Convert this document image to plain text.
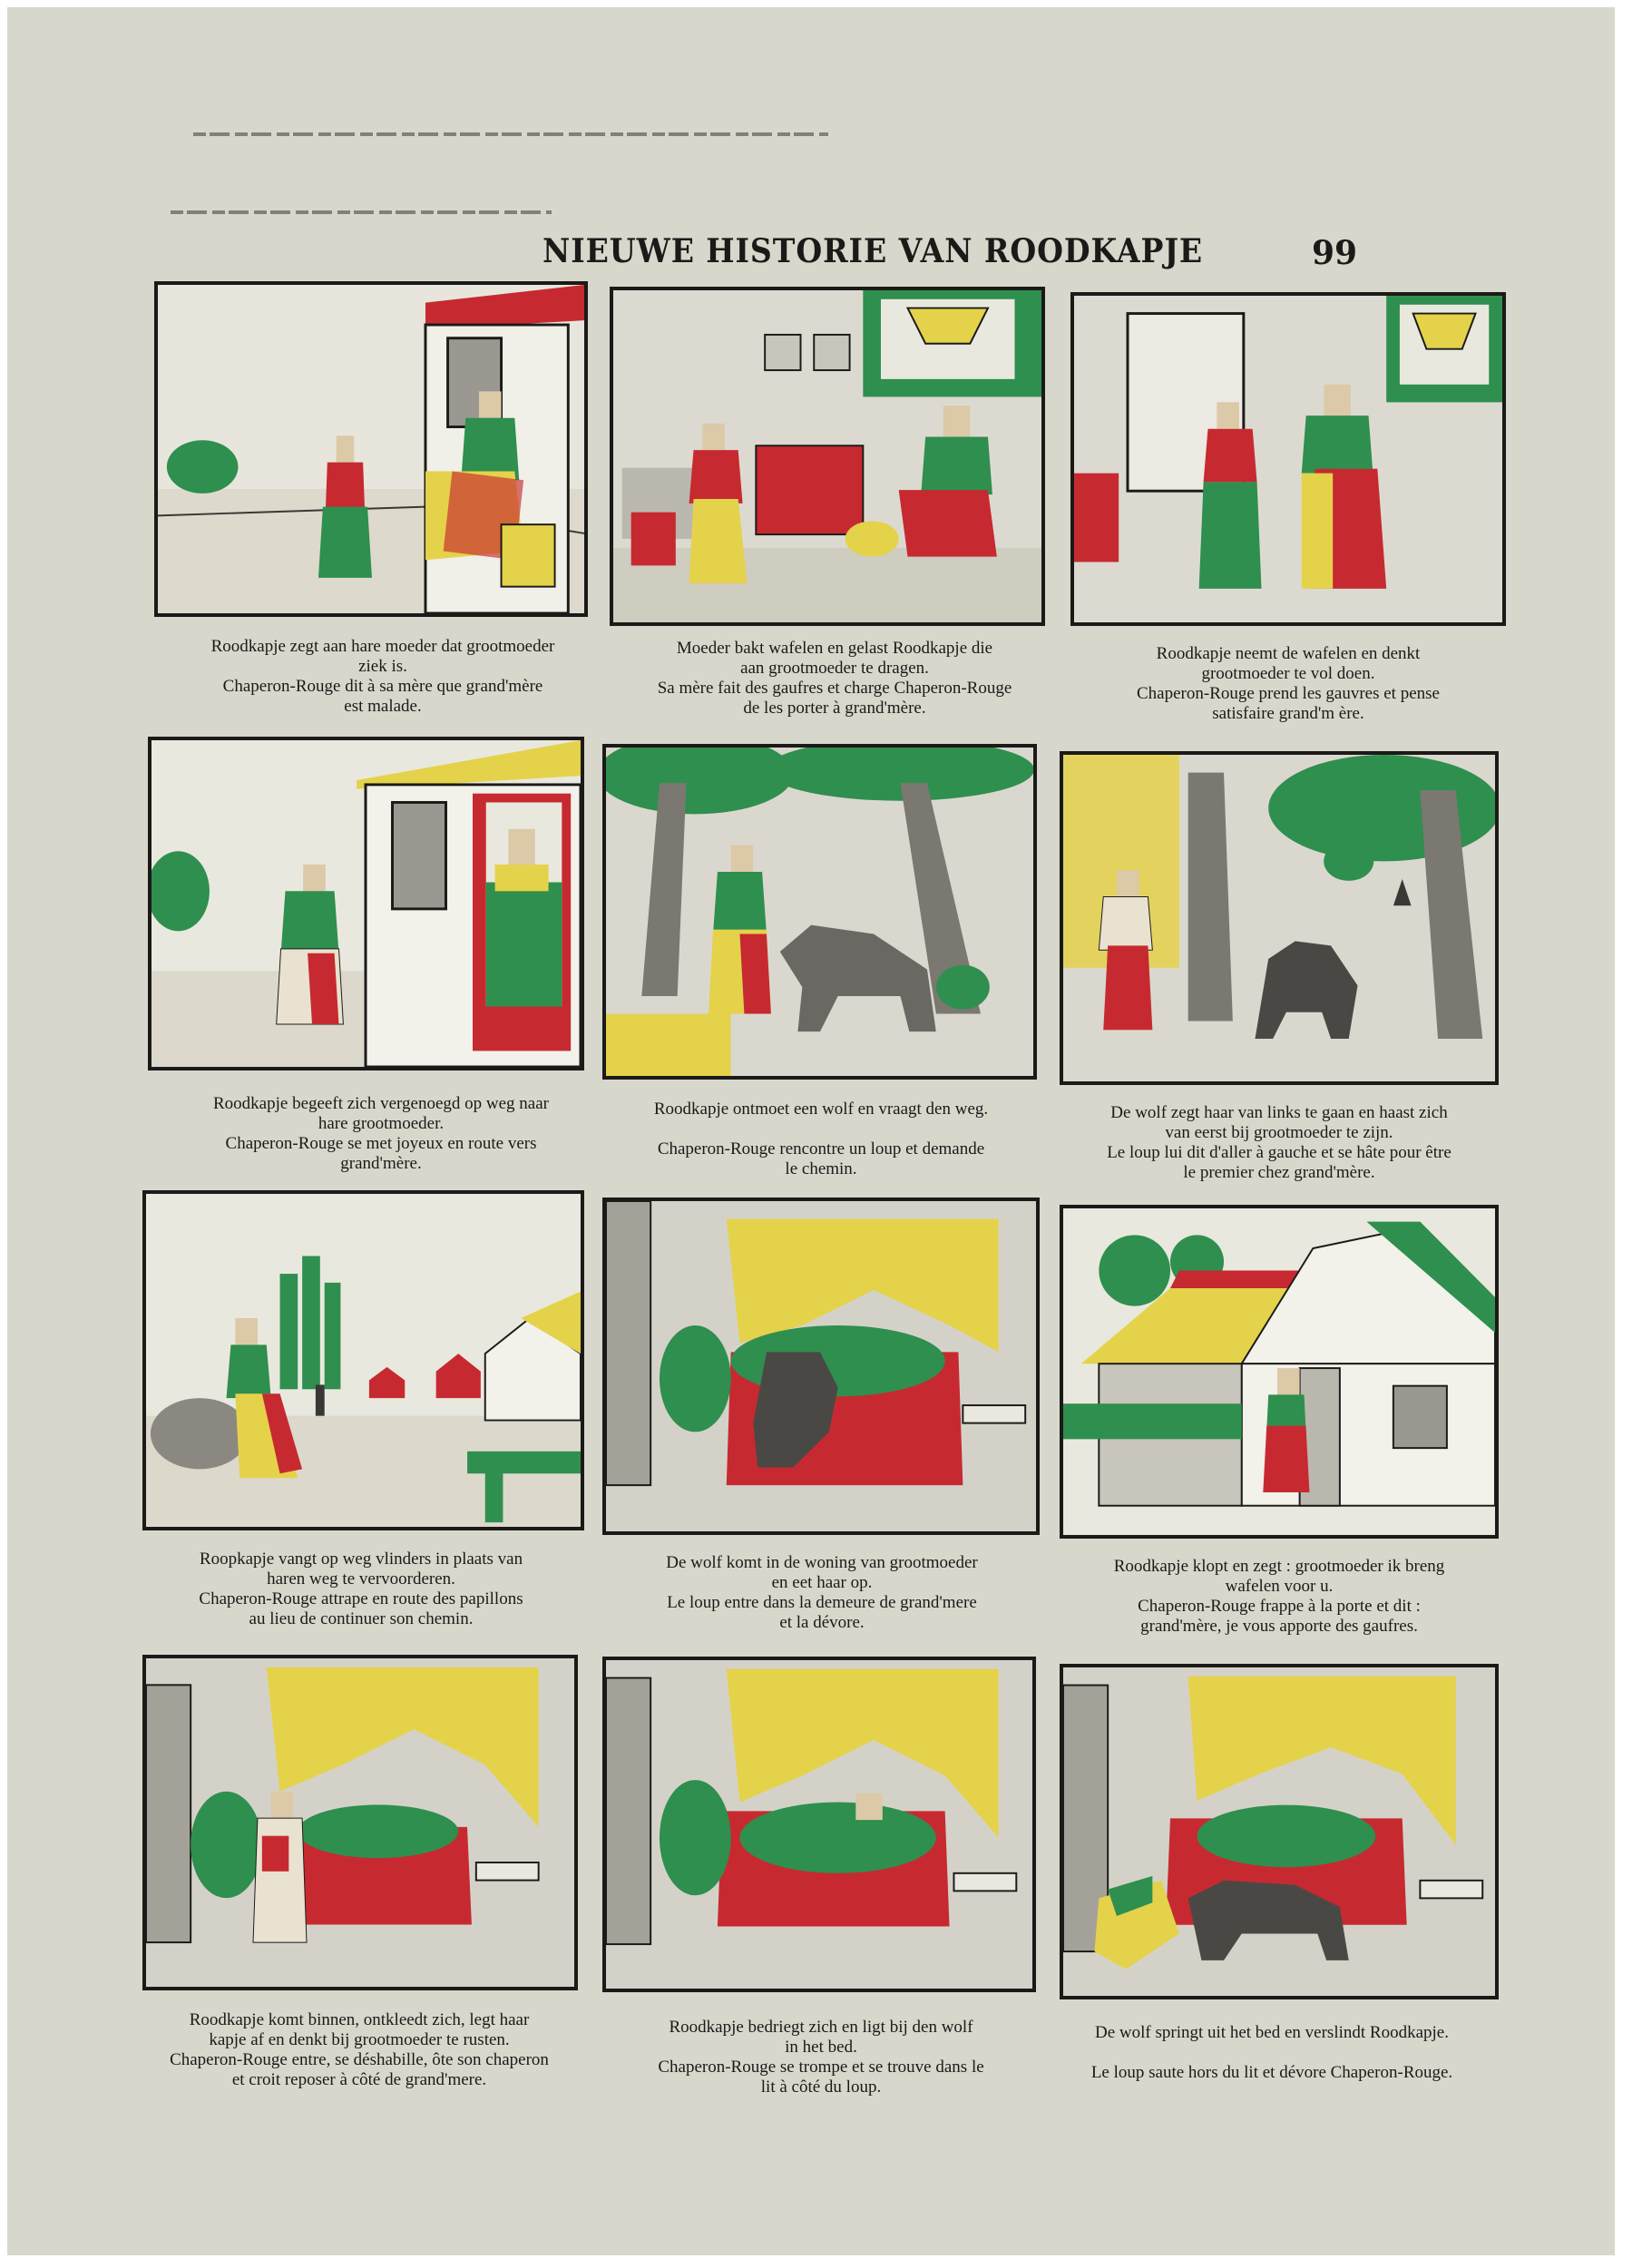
NIEUWE HISTORIE VAN ROODKAPJE	99
Roodkapje zegt aan hare moeder dat grootmoeder
ziek is.
Chaperon-Rouge dit à sa mère que grand'mère
est malade.
Moeder bakt wafelen en gelast Roodkapje die
aan grootmoeder te dragen.
Sa mère fait des gaufres et charge Chaperon-Rouge
de les porter à grand'mère.
Roodkapje neemt de wafelen en denkt
grootmoeder te vol doen.
Chaperon-Rouge prend les gauvres et pense
satisfaire grand'm ère.
Roodkapje begeeft zich vergenoegd op weg naar
hare grootmoeder.
Chaperon-Rouge se met joyeux en route vers
grand'mère.
Roodkapje ontmoet een wolf en vraagt den weg.

Chaperon-Rouge rencontre un loup et demande
le chemin.
De wolf zegt haar van links te gaan en haast zich
van eerst bij grootmoeder te zijn.
Le loup lui dit d'aller à gauche et se hâte pour être
le premier chez grand'mère.
Roopkapje vangt op weg vlinders in plaats van
haren weg te vervoorderen.
Chaperon-Rouge attrape en route des papillons
au lieu de continuer son chemin.
De wolf komt in de woning van grootmoeder
en eet haar op.
Le loup entre dans la demeure de grand'mere
et la dévore.
Roodkapje klopt en zegt : grootmoeder ik breng
wafelen voor u.
Chaperon-Rouge frappe à la porte et dit :
grand'mère, je vous apporte des gaufres.
Roodkapje komt binnen, ontkleedt zich, legt haar
kapje af en denkt bij grootmoeder te rusten.
Chaperon-Rouge entre, se déshabille, ôte son chaperon
et croit reposer à côté de grand'mere.
Roodkapje bedriegt zich en ligt bij den wolf
in het bed.
Chaperon-Rouge se trompe et se trouve dans le
lit à côté du loup.
De wolf springt uit het bed en verslindt Roodkapje.

Le loup saute hors du lit et dévore Chaperon-Rouge.
